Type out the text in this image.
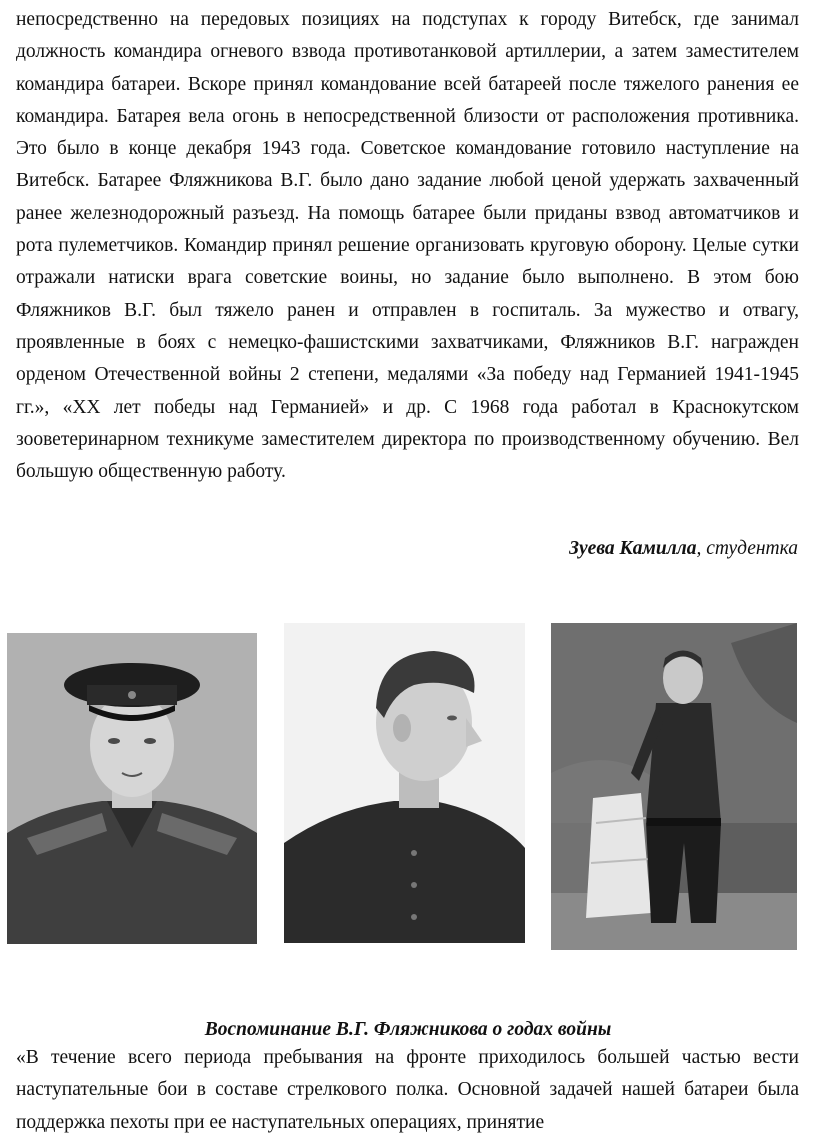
непосредственно на передовых позициях на подступах к городу Витебск, где занимал должность командира огневого взвода противотанковой артиллерии, а затем заместителем командира батареи. Вскоре принял командование всей батареей после тяжелого ранения ее командира. Батарея вела огонь в непосредственной близости от расположения противника. Это было в конце декабря 1943 года. Советское командование готовило наступление на Витебск. Батарее Фляжникова В.Г. было дано задание любой ценой удержать захваченный ранее железнодорожный разъезд. На помощь батарее были приданы взвод автоматчиков и рота пулеметчиков. Командир принял решение организовать круговую оборону. Целые сутки отражали натиски врага советские воины, но задание было выполнено. В этом бою Фляжников В.Г. был тяжело ранен и отправлен в госпиталь. За мужество и отвагу, проявленные в боях с немецко-фашистскими захватчиками, Фляжников В.Г. награжден орденом Отечественной войны 2 степени, медалями «За победу над Германией 1941-1945 гг.», «XX лет победы над Германией» и др. С 1968 года работал в Краснокутском зооветеринарном техникуме заместителем директора по производственному обучению. Вел большую общественную работу.

Зуева Камилла, студентка

Воспоминание В.Г. Фляжникова о годах войны

«В течение всего периода пребывания на фронте приходилось большей частью вести наступательные бои в составе стрелкового полка. Основной задачей нашей батареи была поддержка пехоты при ее наступательных операциях, принятие
